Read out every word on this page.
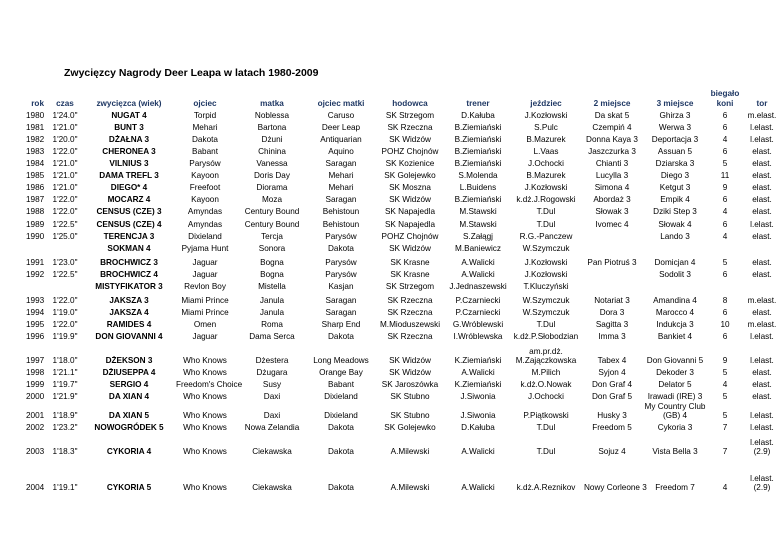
Zwycięzcy Nagrody Deer Leapa w latach 1980-2009
rok	czas	zwycięzca (wiek)	ojciec	matka	ojciec matki	hodowca	trener	jeździec	2 miejsce	3 miejsce	biegało koni	tor
1980	1'24.0"	NUGAT 4	Torpid	Noblessa	Caruso	SK Strzegom	D.Kałuba	J.Kozłowski	Da skat 5	Ghirza 3	6	m.elast.
1981	1'21.0"	BUNT 3	Mehari	Bartona	Deer Leap	SK Rzeczna	B.Ziemiański	S.Pulc	Czempiń 4	Werwa 3	6	l.elast.
1982	1'20.0"	DŻAŁNA 3	Dakota	Dżuni	Antiquarian	SK Widzów	B.Ziemiański	B.Mazurek	Donna Kaya 3	Deportacja 3	4	l.elast.
1983	1'22.0"	CHERONEA 3	Babant	Chinina	Aquino	POHZ Chojnów	B.Ziemiański	L.Vaas	Jaszczurka 3	Assuan 5	6	elast.
1984	1'21.0"	VILNIUS 3	Parysów	Vanessa	Saragan	SK Kozienice	B.Ziemiański	J.Ochocki	Chianti 3	Dziarska 3	5	elast.
1985	1'21.0"	DAMA TREFL 3	Kayoon	Doris Day	Mehari	SK Golejewko	S.Molenda	B.Mazurek	Lucylla 3	Diego 3	11	elast.
1986	1'21.0"	DIEGO* 4	Freefoot	Diorama	Mehari	SK Moszna	L.Buidens	J.Kozłowski	Simona 4	Ketgut 3	9	elast.
1987	1'22.0"	MOCARZ 4	Kayoon	Moza	Saragan	SK Widzów	B.Ziemiański	k.dż.J.Rogowski	Abordaż 3	Empik 4	6	elast.
1988	1'22.0"	CENSUS (CZE) 3	Amyndas	Century Bound	Behistoun	SK Napajedla	M.Stawski	T.Dul	Słowak 3	Dziki Step 3	4	elast.
1989	1'22.5"	CENSUS (CZE) 4	Amyndas	Century Bound	Behistoun	SK Napajedla	M.Stawski	T.Dul	Ivomec 4	Słowak 4	6	l.elast.
1990	1'25.0"	TERENCJA 3	Dixieland	Tercja	Parysów	POHZ Chojnów	S.Załągj	R.G.-Panczew		Lando 3	4	elast.
		SOKMAN 4	Pyjama Hunt	Sonora	Dakota	SK Widzów	M.Baniewicz	W.Szymczuk				
1991	1'23.0"	BROCHWICZ 3	Jaguar	Bogna	Parysów	SK Krasne	A.Walicki	J.Kozłowski	Pan Piotruś 3	Domicjan 4	5	elast.
1992	1'22.5"	BROCHWICZ 4	Jaguar	Bogna	Parysów	SK Krasne	A.Walicki	J.Kozłowski		Sodolit 3	6	elast.
		MISTYFIKATOR 3	Revlon Boy	Mistella	Kasjan	SK Strzegom	J.Jednaszewski	T.Kluczyński				
1993	1'22.0"	JAKSZA 3	Miami Prince	Janula	Saragan	SK Rzeczna	P.Czarniecki	W.Szymczuk	Notariat 3	Amandina 4	8	m.elast.
1994	1'19.0"	JAKSZA 4	Miami Prince	Janula	Saragan	SK Rzeczna	P.Czarniecki	W.Szymczuk	Dora 3	Marocco 4	6	elast.
1995	1'22.0"	RAMIDES 4	Omen	Roma	Sharp End	M.Mioduszewski	G.Wróblewski	T.Dul	Sagitta 3	Indukcja 3	10	m.elast.
1996	1'19.9"	DON GIOVANNI 4	Jaguar	Dama Serca	Dakota	SK Rzeczna	I.Wróblewska	k.dż.P.Słobodzian	Imma 3	Bankiet 4	6	l.elast.
1997	1'18.0"	DŻEKSON 3	Who Knows	Dżestera	Long Meadows	SK Widzów	K.Ziemiański	am.pr.dż. M.Zajączkowska	Tabex 4	Don Giovanni 5	9	l.elast.
1998	1'21.1"	DŻIUSEPPA 4	Who Knows	Dżugara	Orange Bay	SK Widzów	A.Walicki	M.Pilich	Syjon 4	Dekoder 3	5	elast.
1999	1'19.7"	SERGIO 4	Freedom's Choice	Susy	Babant	SK Jaroszówka	K.Ziemiański	k.dż.O.Nowak	Don Graf 4	Delator 5	4	elast.
2000	1'21.9"	DA XIAN 4	Who Knows	Daxi	Dixieland	SK Stubno	J.Siwonia	J.Ochocki	Don Graf 5	Irawadi (IRE) 3	5	elast.
2001	1'18.9"	DA XIAN 5	Who Knows	Daxi	Dixieland	SK Stubno	J.Siwonia	P.Piątkowski	Husky 3	My Country Club (GB) 4	5	l.elast.
2002	1'23.2"	NOWOGRÓDEK 5	Who Knows	Nowa Zelandia	Dakota	SK Golejewko	D.Kałuba	T.Dul	Freedom 5	Cykoria 3	7	l.elast.
2003	1'18.3"	CYKORIA 4	Who Knows	Ciekawska	Dakota	A.Milewski	A.Walicki	T.Dul	Sojuz 4	Vista Bella 3	7	l.elast. (2.9)
2004	1'19.1"	CYKORIA 5	Who Knows	Ciekawska	Dakota	A.Milewski	A.Walicki	k.dż.A.Reznikov	Nowy Corleone 3	Freedom 7	4	l.elast. (2.9)
